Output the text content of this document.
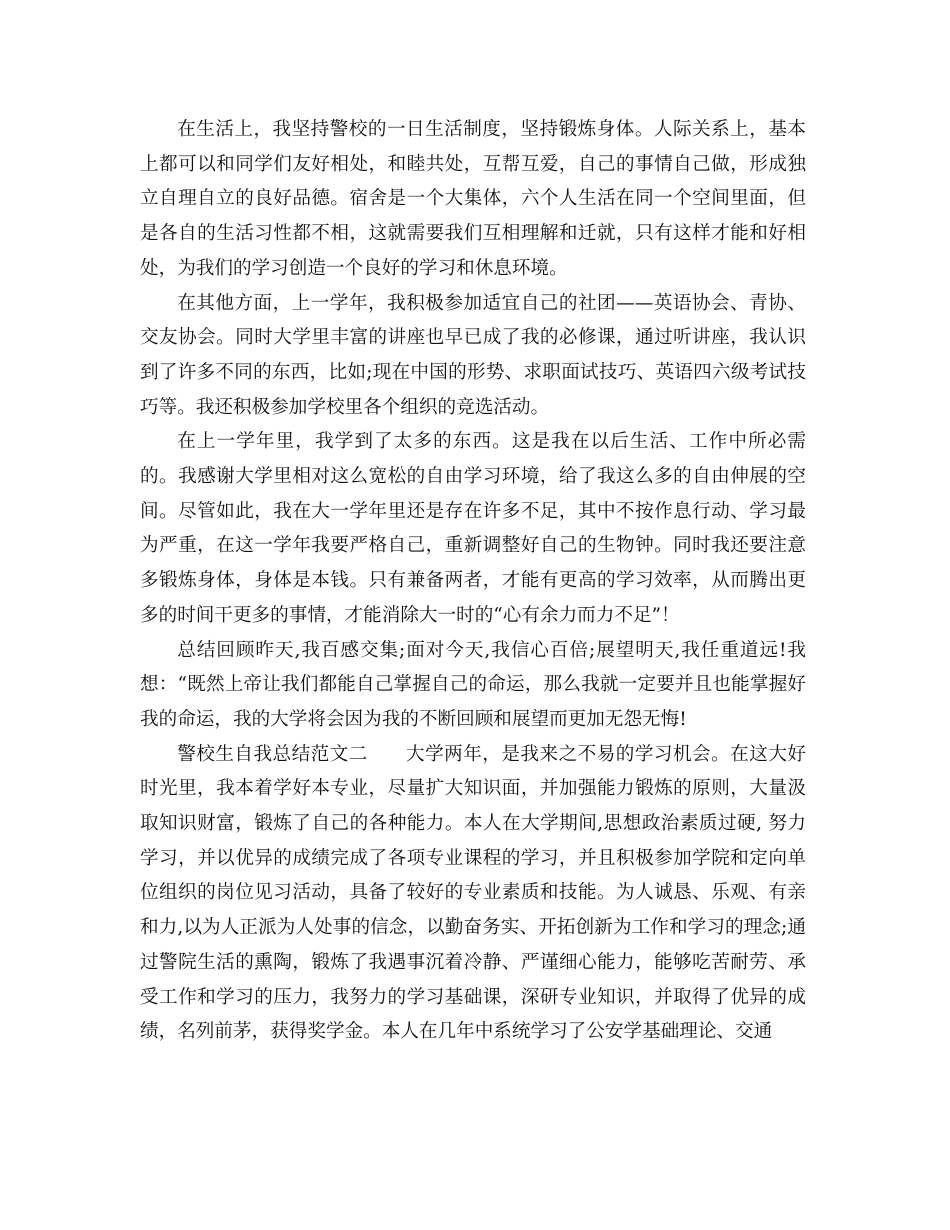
在生活上，我坚持警校的一日生活制度，坚持锻炼身体。人际关系上，基本上都可以和同学们友好相处，和睦共处，互帮互爱，自己的事情自己做，形成独立自理自立的良好品德。宿舍是一个大集体，六个人生活在同一个空间里面，但是各自的生活习性都不相，这就需要我们互相理解和迁就，只有这样才能和好相处，为我们的学习创造一个良好的学习和休息环境。

在其他方面，上一学年，我积极参加适宜自己的社团——英语协会、青协、交友协会。同时大学里丰富的讲座也早已成了我的必修课，通过听讲座，我认识到了许多不同的东西，比如;现在中国的形势、求职面试技巧、英语四六级考试技巧等。我还积极参加学校里各个组织的竞选活动。

在上一学年里，我学到了太多的东西。这是我在以后生活、工作中所必需的。我感谢大学里相对这么宽松的自由学习环境，给了我这么多的自由伸展的空间。尽管如此，我在大一学年里还是存在许多不足，其中不按作息行动、学习最为严重，在这一学年我要严格自己，重新调整好自己的生物钟。同时我还要注意多锻炼身体，身体是本钱。只有兼备两者，才能有更高的学习效率，从而腾出更多的时间干更多的事情，才能消除大一时的“心有余力而力不足”！

总结回顾昨天,我百感交集;面对今天,我信心百倍;展望明天,我任重道远!我想：“既然上帝让我们都能自己掌握自己的命运，那么我就一定要并且也能掌握好我的命运，我的大学将会因为我的不断回顾和展望而更加无怨无悔!

警校生自我总结范文二　　大学两年，是我来之不易的学习机会。在这大好时光里，我本着学好本专业，尽量扩大知识面，并加强能力锻炼的原则，大量汲取知识财富，锻炼了自己的各种能力。本人在大学期间,思想政治素质过硬, 努力学习，并以优异的成绩完成了各项专业课程的学习，并且积极参加学院和定向单位组织的岗位见习活动，具备了较好的专业素质和技能。为人诚恳、乐观、有亲和力,以为人正派为人处事的信念，以勤奋务实、开拓创新为工作和学习的理念;通过警院生活的熏陶，锻炼了我遇事沉着冷静、严谨细心能力，能够吃苦耐劳、承受工作和学习的压力，我努力的学习基础课，深研专业知识，并取得了优异的成绩，名列前茅，获得奖学金。本人在几年中系统学习了公安学基础理论、交通
